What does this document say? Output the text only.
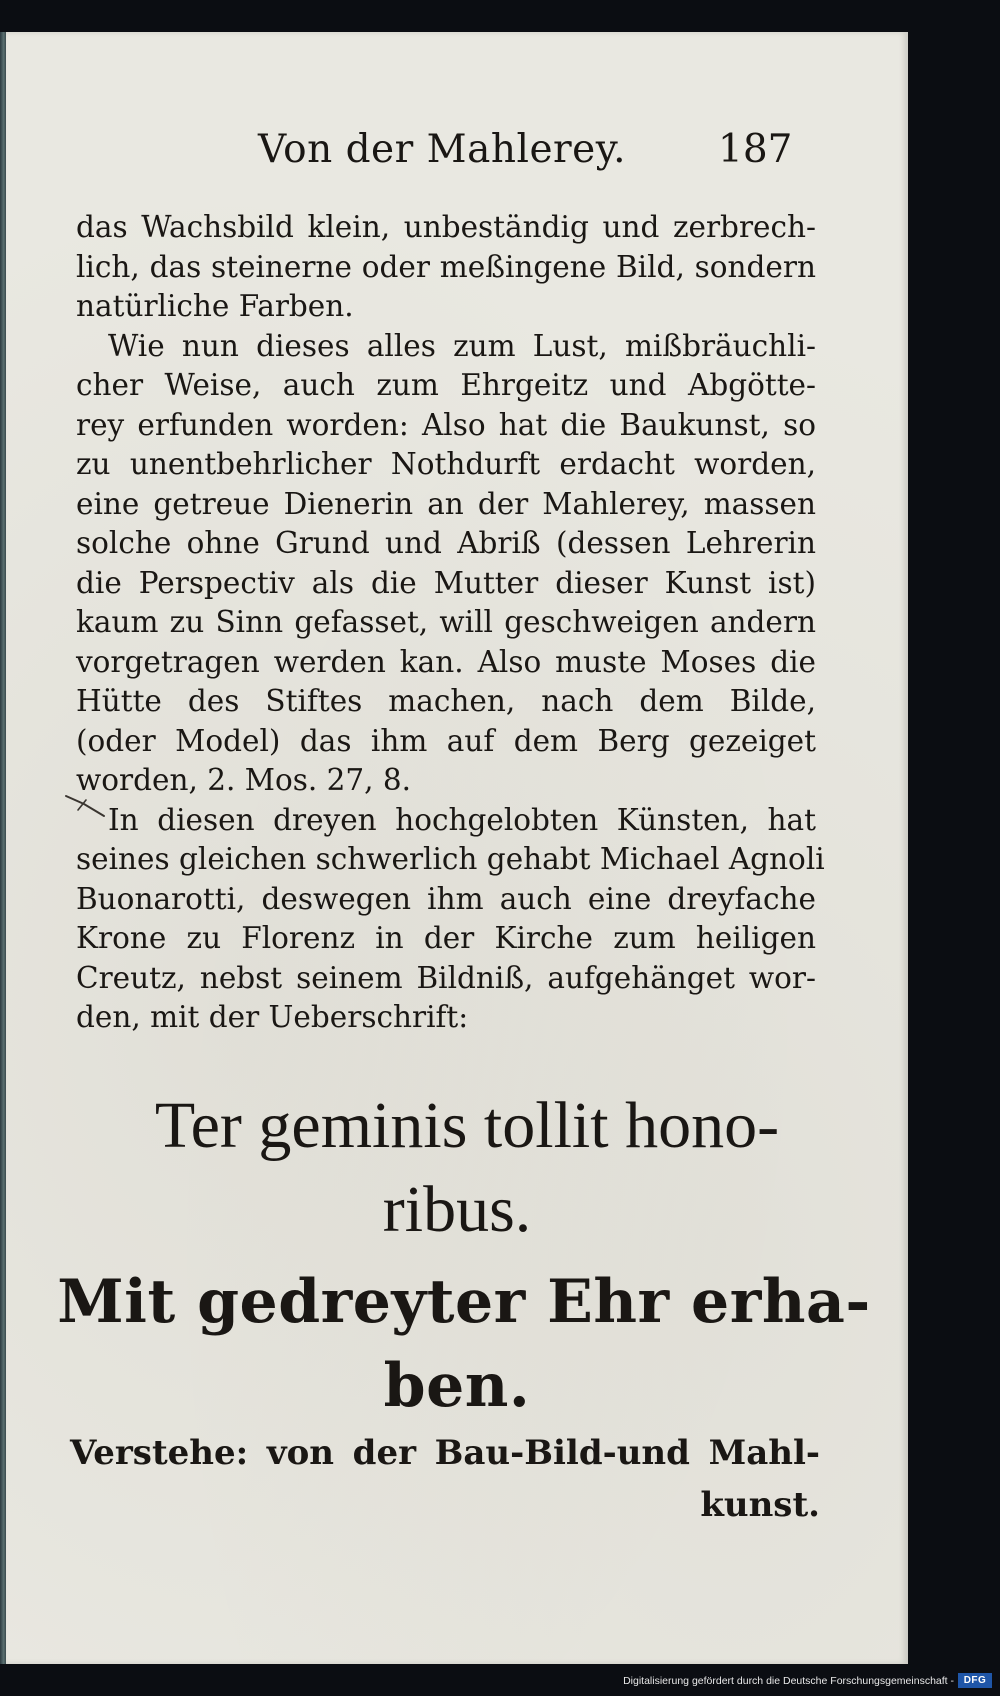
Von der Mahlerey. 187
das Wachsbild klein, unbeständig und zerbrech-
lich, das steinerne oder meßingene Bild, sondern
natürliche Farben.
Wie nun dieses alles zum Lust, mißbräuchli-
cher Weise, auch zum Ehrgeitz und Abgötte-
rey erfunden worden: Also hat die Baukunst, so
zu unentbehrlicher Nothdurft erdacht worden,
eine getreue Dienerin an der Mahlerey, massen
solche ohne Grund und Abriß (dessen Lehrerin
die Perspectiv als die Mutter dieser Kunst ist)
kaum zu Sinn gefasset, will geschweigen andern
vorgetragen werden kan. Also muste Moses die
Hütte des Stiftes machen, nach dem Bilde,
(oder Model) das ihm auf dem Berg gezeiget
worden, 2. Mos. 27, 8.
In diesen dreyen hochgelobten Künsten, hat
seines gleichen schwerlich gehabt Michael Agnoli
Buonarotti, deswegen ihm auch eine dreyfache
Krone zu Florenz in der Kirche zum heiligen
Creutz, nebst seinem Bildniß, aufgehänget wor-
den, mit der Ueberschrift:
Ter geminis tollit hono-
ribus.
Mit gedreyter Ehr erha-
ben.
Verstehe: von der Bau-Bild-und Mahl-
kunst.
Digitalisierung gefördert durch die Deutsche Forschungsgemeinschaft - DFG
